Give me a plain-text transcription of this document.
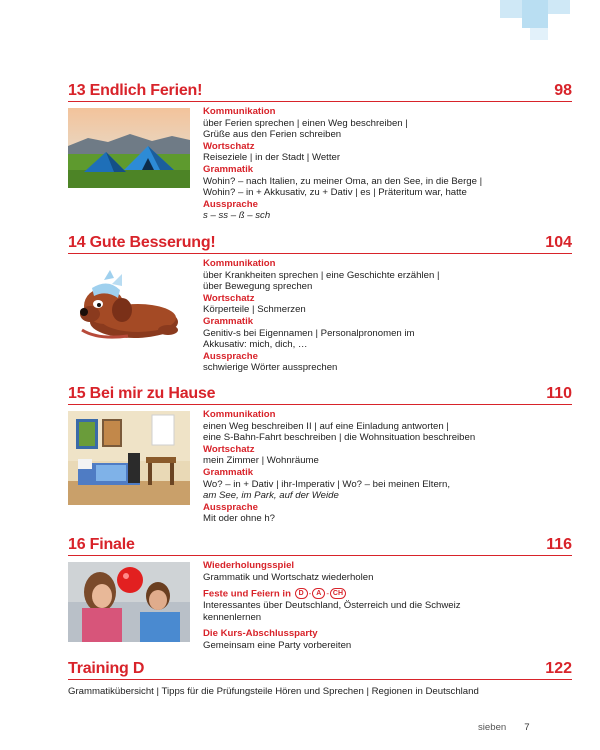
13 Endlich Ferien!	98
Kommunikation
über Ferien sprechen | einen Weg beschreiben |
Grüße aus den Ferien schreiben
Wortschatz
Reiseziele | in der Stadt | Wetter
Grammatik
Wohin? – nach Italien, zu meiner Oma, an den See, in die Berge |
Wohin? – in + Akkusativ, zu + Dativ | es | Präteritum war, hatte
Aussprache
s – ss – ß – sch
14 Gute Besserung!	104
Kommunikation
über Krankheiten sprechen | eine Geschichte erzählen |
über Bewegung sprechen
Wortschatz
Körperteile | Schmerzen
Grammatik
Genitiv-s bei Eigennamen | Personalpronomen im
Akkusativ: mich, dich, …
Aussprache
schwierige Wörter aussprechen
15 Bei mir zu Hause	110
Kommunikation
einen Weg beschreiben II | auf eine Einladung antworten |
eine S-Bahn-Fahrt beschreiben | die Wohnsituation beschreiben
Wortschatz
mein Zimmer | Wohnräume
Grammatik
Wo? – in + Dativ | ihr-Imperativ | Wo? – bei meinen Eltern,
am See, im Park, auf der Weide
Aussprache
Mit oder ohne h?
16 Finale	116
Wiederholungsspiel
Grammatik und Wortschatz wiederholen
Feste und Feiern in D - A - CH
Interessantes über Deutschland, Österreich und die Schweiz
kennenlernen
Die Kurs-Abschlussparty
Gemeinsam eine Party vorbereiten
Training D	122
Grammatikübersicht | Tipps für die Prüfungsteile Hören und Sprechen | Regionen in Deutschland
sieben 7
